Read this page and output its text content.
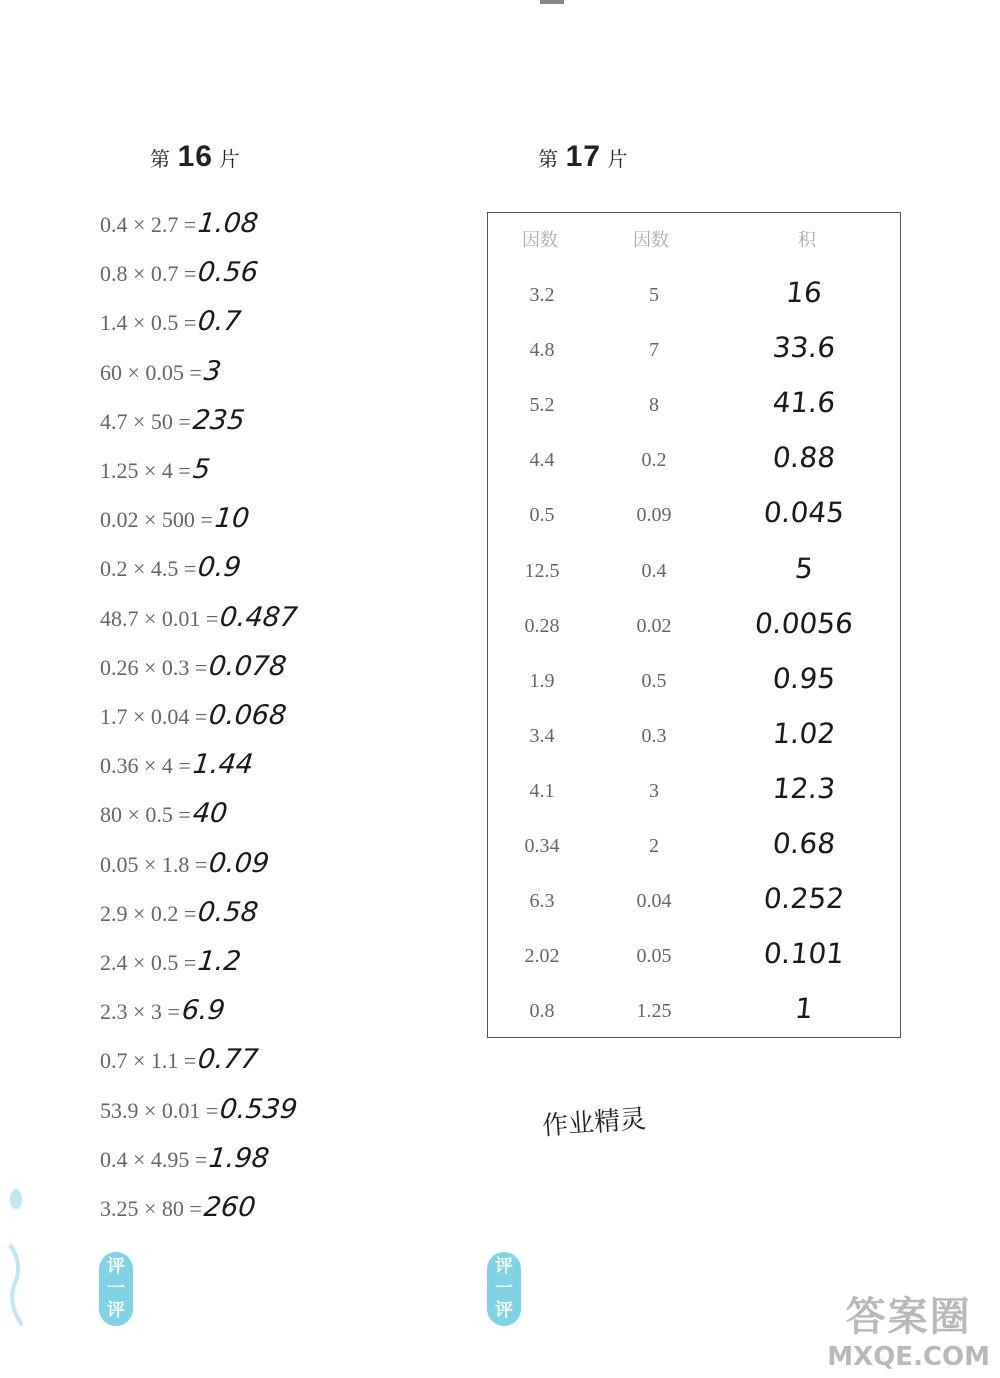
第 16 片
0.4 × 2.7 = 1.08
0.8 × 0.7 = 0.56
1.4 × 0.5 = 0.7
60 × 0.05 = 3
4.7 × 50 = 235
1.25 × 4 = 5
0.02 × 500 = 10
0.2 × 4.5 = 0.9
48.7 × 0.01 = 0.487
0.26 × 0.3 = 0.078
1.7 × 0.04 = 0.068
0.36 × 4 = 1.44
80 × 0.5 = 40
0.05 × 1.8 = 0.09
2.9 × 0.2 = 0.58
2.4 × 0.5 = 1.2
2.3 × 3 = 6.9
0.7 × 1.1 = 0.77
53.9 × 0.01 = 0.539
0.4 × 4.95 = 1.98
3.25 × 80 = 260
第 17 片
因数	因数	积
3.2	5	16
4.8	7	33.6
5.2	8	41.6
4.4	0.2	0.88
0.5	0.09	0.045
12.5	0.4	5
0.28	0.02	0.0056
1.9	0.5	0.95
3.4	0.3	1.02
4.1	3	12.3
0.34	2	0.68
6.3	0.04	0.252
2.02	0.05	0.101
0.8	1.25	1
作业精灵
评
一
评
评
一
评	答案圈
MXQE.COM
